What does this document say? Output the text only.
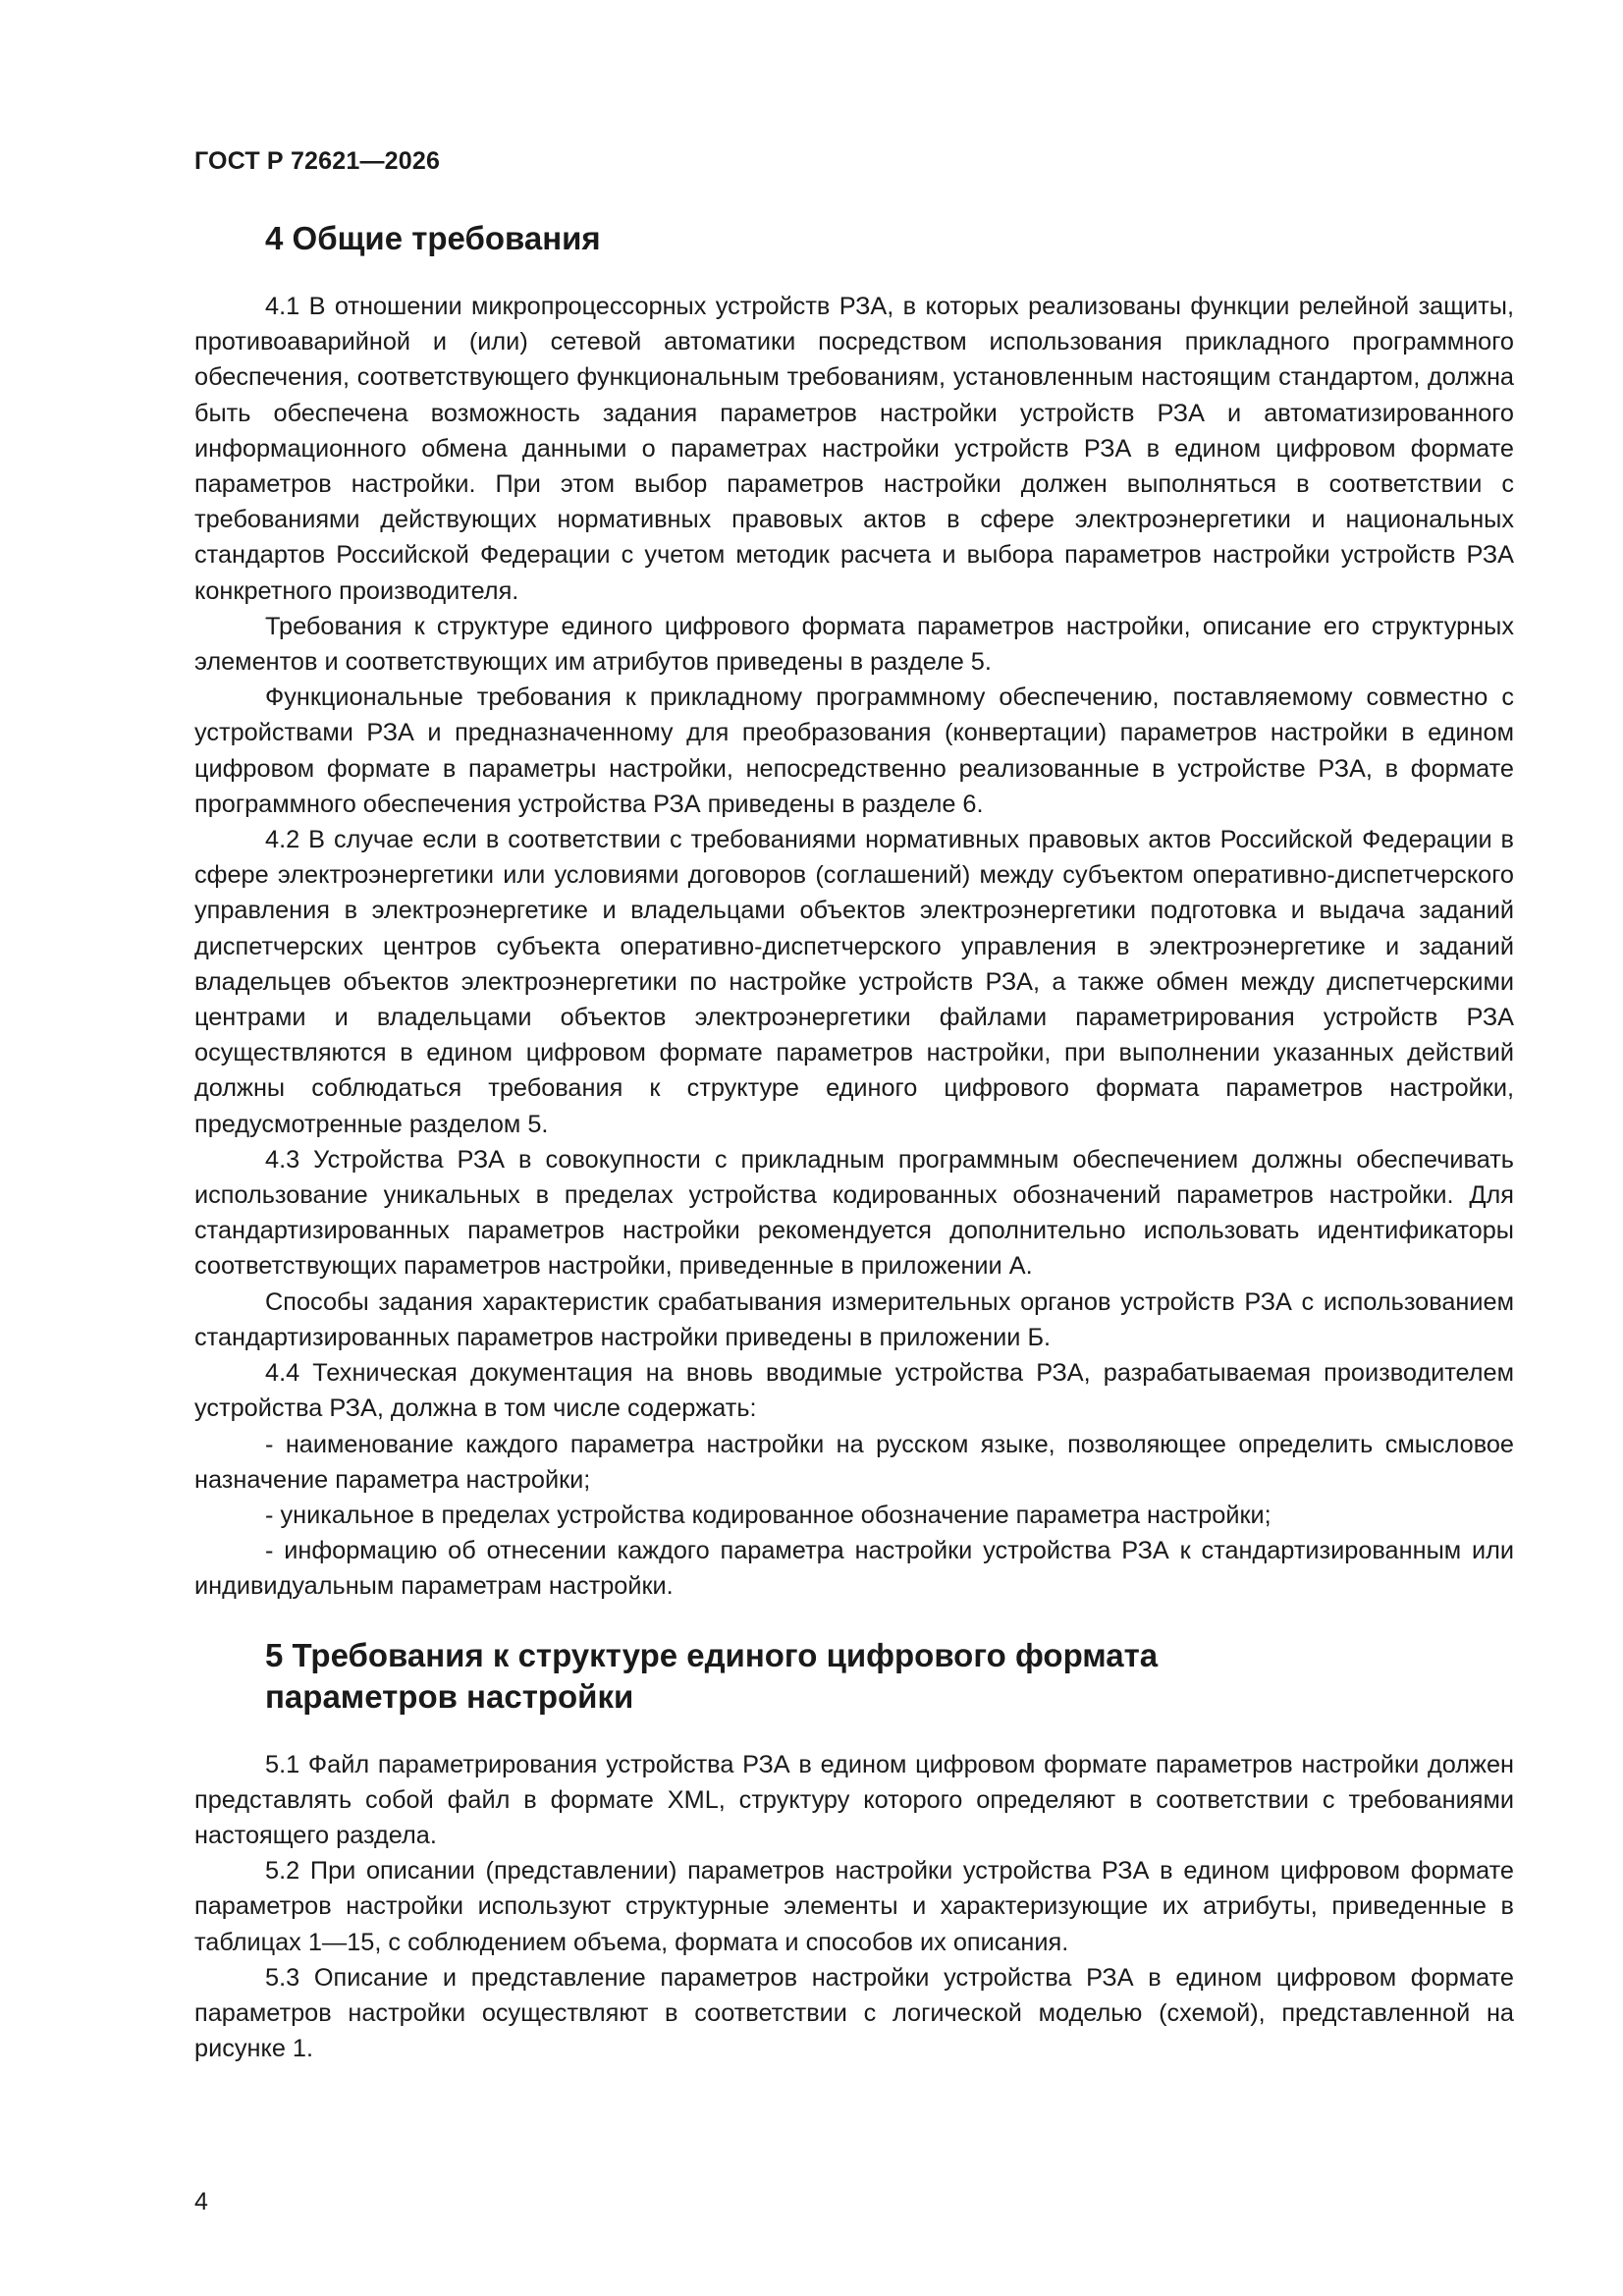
ГОСТ Р 72621—2026
4 Общие требования

4.1 В отношении микропроцессорных устройств РЗА, в которых реализованы функции релейной защиты, противоаварийной и (или) сетевой автоматики посредством использования прикладного программного обеспечения, соответствующего функциональным требованиям, установленным настоящим стандартом, должна быть обеспечена возможность задания параметров настройки устройств РЗА и автоматизированного информационного обмена данными о параметрах настройки устройств РЗА в едином цифровом формате параметров настройки. При этом выбор параметров настройки должен выполняться в соответствии с требованиями действующих нормативных правовых актов в сфере электроэнергетики и национальных стандартов Российской Федерации с учетом методик расчета и выбора параметров настройки устройств РЗА конкретного производителя.

Требования к структуре единого цифрового формата параметров настройки, описание его структурных элементов и соответствующих им атрибутов приведены в разделе 5.

Функциональные требования к прикладному программному обеспечению, поставляемому совместно с устройствами РЗА и предназначенному для преобразования (конвертации) параметров настройки в едином цифровом формате в параметры настройки, непосредственно реализованные в устройстве РЗА, в формате программного обеспечения устройства РЗА приведены в разделе 6.

4.2 В случае если в соответствии с требованиями нормативных правовых актов Российской Федерации в сфере электроэнергетики или условиями договоров (соглашений) между субъектом оперативно-диспетчерского управления в электроэнергетике и владельцами объектов электроэнергетики подготовка и выдача заданий диспетчерских центров субъекта оперативно-диспетчерского управления в электроэнергетике и заданий владельцев объектов электроэнергетики по настройке устройств РЗА, а также обмен между диспетчерскими центрами и владельцами объектов электроэнергетики файлами параметрирования устройств РЗА осуществляются в едином цифровом формате параметров настройки, при выполнении указанных действий должны соблюдаться требования к структуре единого цифрового формата параметров настройки, предусмотренные разделом 5.

4.3 Устройства РЗА в совокупности с прикладным программным обеспечением должны обеспечивать использование уникальных в пределах устройства кодированных обозначений параметров настройки. Для стандартизированных параметров настройки рекомендуется дополнительно использовать идентификаторы соответствующих параметров настройки, приведенные в приложении А.

Способы задания характеристик срабатывания измерительных органов устройств РЗА с использованием стандартизированных параметров настройки приведены в приложении Б.

4.4 Техническая документация на вновь вводимые устройства РЗА, разрабатываемая производителем устройства РЗА, должна в том числе содержать:

- наименование каждого параметра настройки на русском языке, позволяющее определить смысловое назначение параметра настройки;

- уникальное в пределах устройства кодированное обозначение параметра настройки;

- информацию об отнесении каждого параметра настройки устройства РЗА к стандартизированным или индивидуальным параметрам настройки.

5 Требования к структуре единого цифрового формата
параметров настройки

5.1 Файл параметрирования устройства РЗА в едином цифровом формате параметров настройки должен представлять собой файл в формате XML, структуру которого определяют в соответствии с требованиями настоящего раздела.

5.2 При описании (представлении) параметров настройки устройства РЗА в едином цифровом формате параметров настройки используют структурные элементы и характеризующие их атрибуты, приведенные в таблицах 1—15, с соблюдением объема, формата и способов их описания.

5.3 Описание и представление параметров настройки устройства РЗА в едином цифровом формате параметров настройки осуществляют в соответствии с логической моделью (схемой), представленной на рисунке 1.

4
